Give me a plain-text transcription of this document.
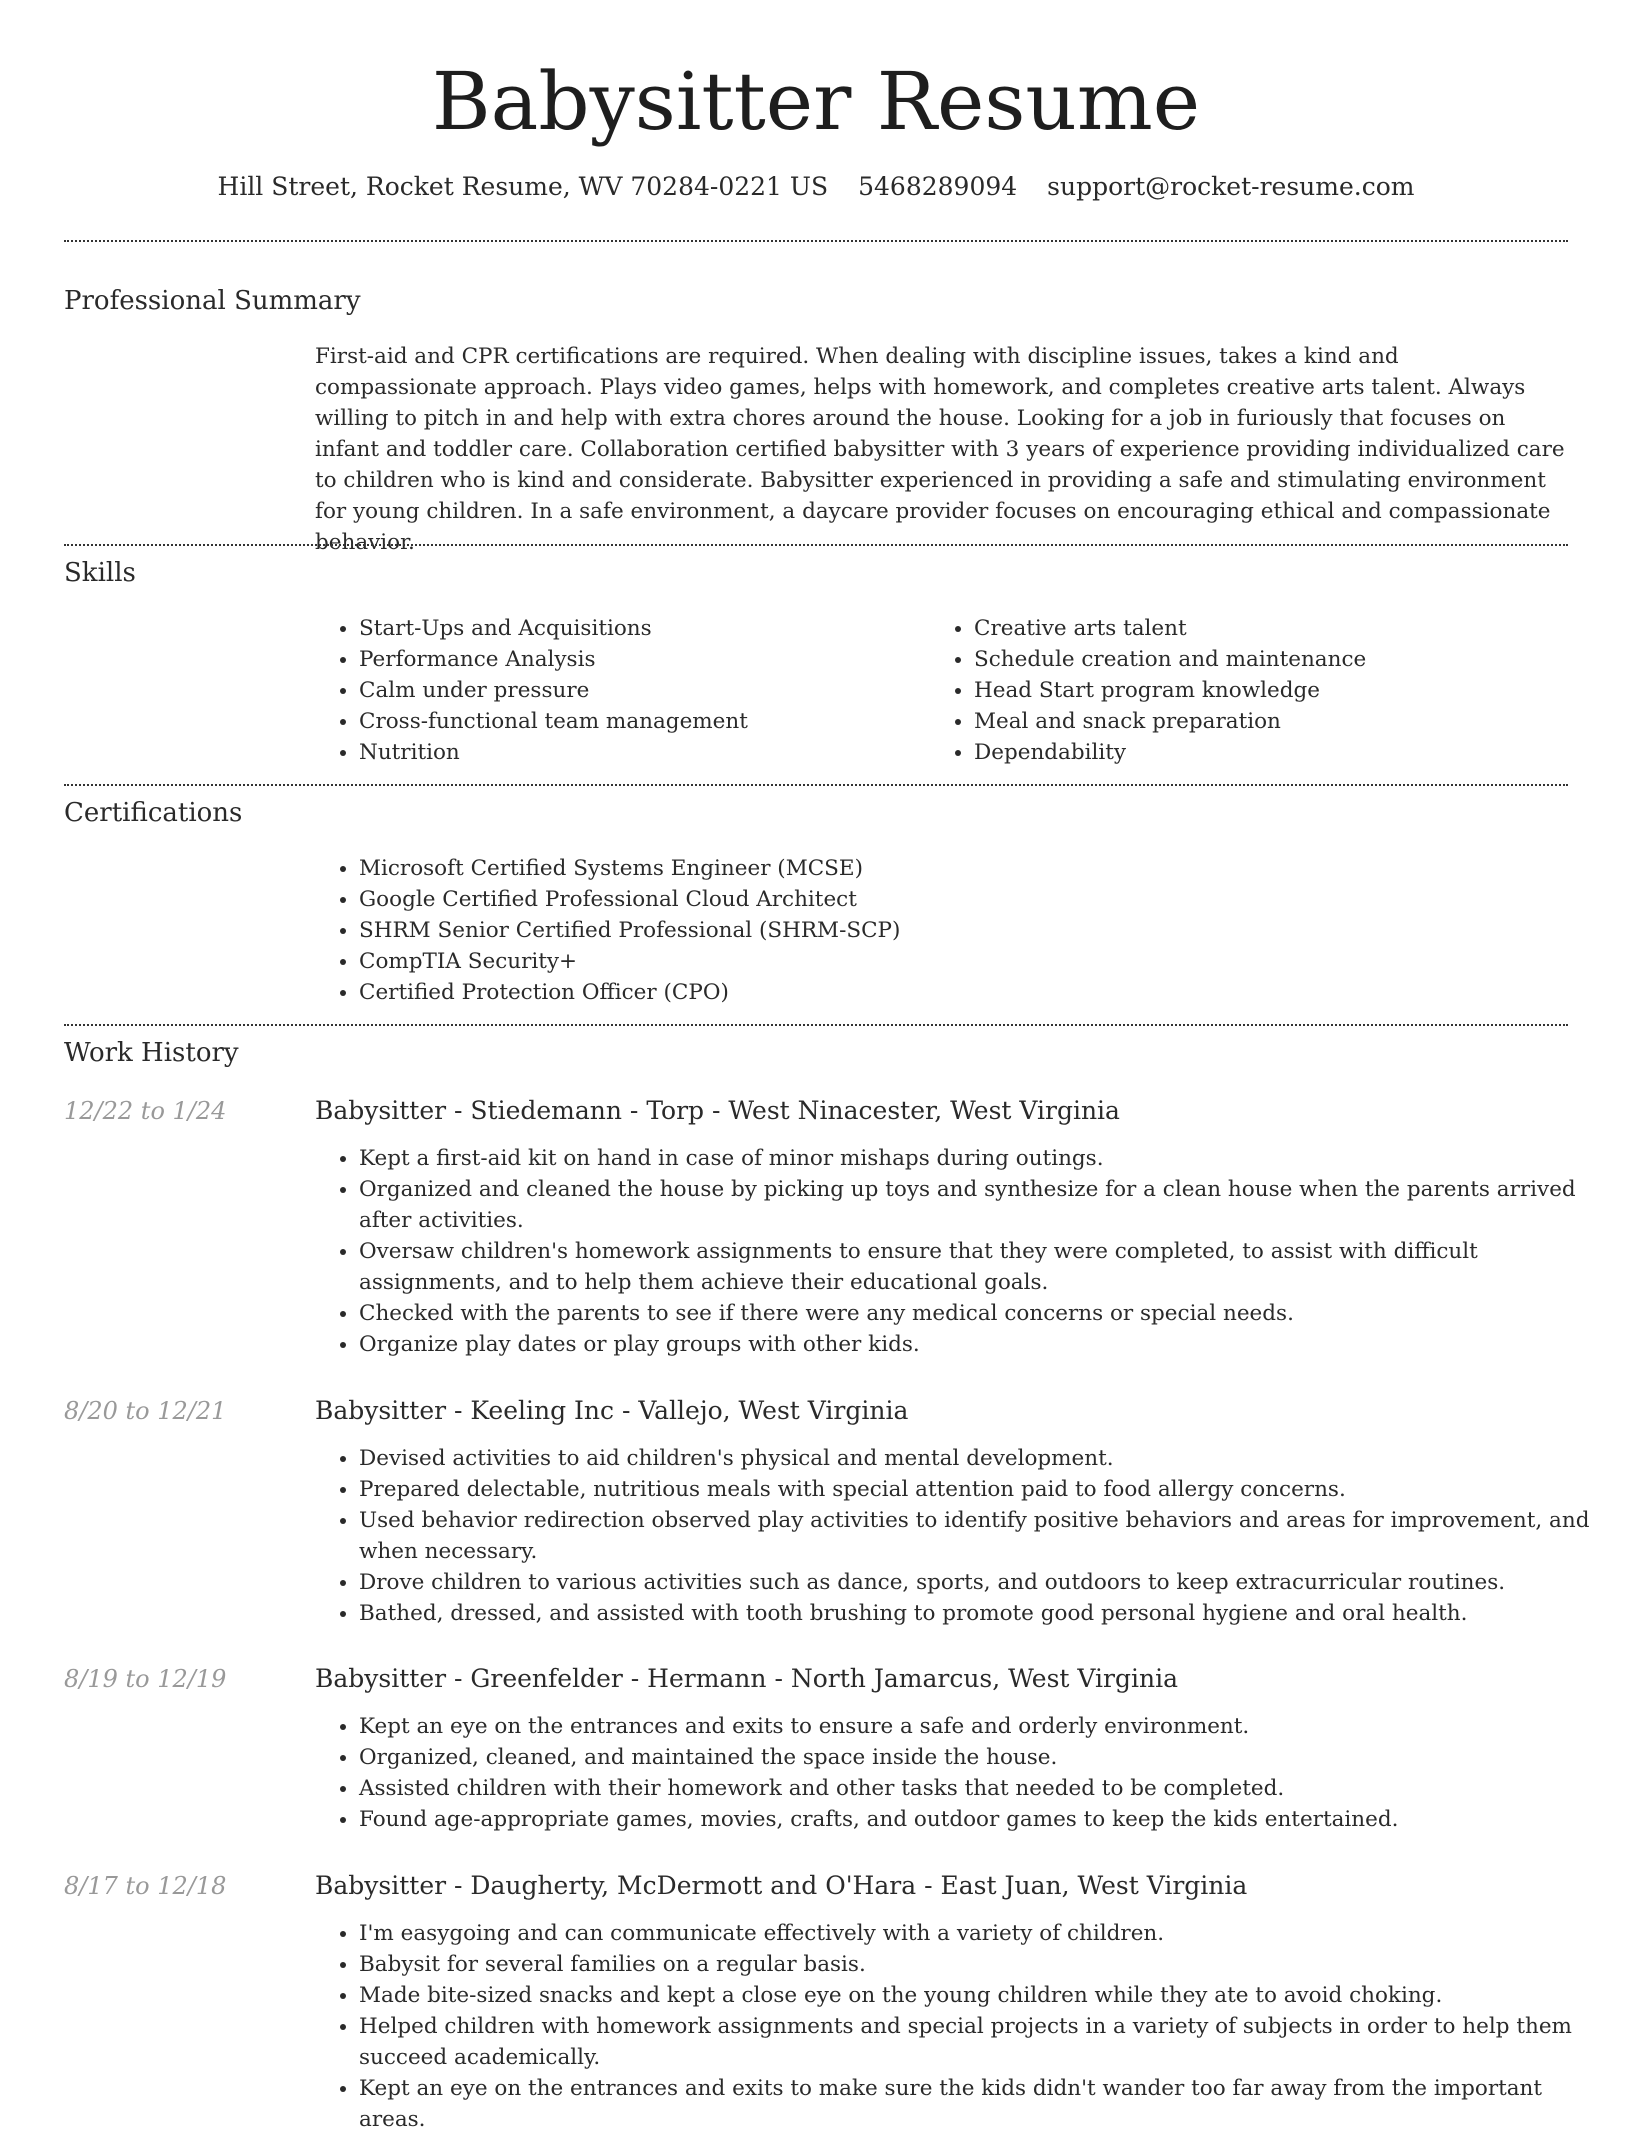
Babysitter Resume
Hill Street, Rocket Resume, WV 70284-0221 US 5468289094 support@rocket-resume.com
Professional Summary

First-aid and CPR certifications are required. When dealing with discipline issues, takes a kind and compassionate approach. Plays video games, helps with homework, and completes creative arts talent. Always willing to pitch in and help with extra chores around the house. Looking for a job in furiously that focuses on infant and toddler care. Collaboration certified babysitter with 3 years of experience providing individualized care to children who is kind and considerate. Babysitter experienced in providing a safe and stimulating environment for young children. In a safe environment, a daycare provider focuses on encouraging ethical and compassionate behavior.

Skills
• Start-Ups and Acquisitions
• Performance Analysis
• Calm under pressure
• Cross-functional team management
• Nutrition
• Creative arts talent
• Schedule creation and maintenance
• Head Start program knowledge
• Meal and snack preparation
• Dependability
Certifications
• Microsoft Certified Systems Engineer (MCSE)
• Google Certified Professional Cloud Architect
• SHRM Senior Certified Professional (SHRM-SCP)
• CompTIA Security+
• Certified Protection Officer (CPO)
Work History
12/22 to 1/24	Babysitter - Stiedemann - Torp - West Ninacester, West Virginia
• Kept a first-aid kit on hand in case of minor mishaps during outings.
• Organized and cleaned the house by picking up toys and synthesize for a clean house when the parents arrived after activities.
• Oversaw children's homework assignments to ensure that they were completed, to assist with difficult assignments, and to help them achieve their educational goals.
• Checked with the parents to see if there were any medical concerns or special needs.
• Organize play dates or play groups with other kids.
8/20 to 12/21	Babysitter - Keeling Inc - Vallejo, West Virginia
• Devised activities to aid children's physical and mental development.
• Prepared delectable, nutritious meals with special attention paid to food allergy concerns.
• Used behavior redirection observed play activities to identify positive behaviors and areas for improvement, and when necessary.
• Drove children to various activities such as dance, sports, and outdoors to keep extracurricular routines.
• Bathed, dressed, and assisted with tooth brushing to promote good personal hygiene and oral health.
8/19 to 12/19	Babysitter - Greenfelder - Hermann - North Jamarcus, West Virginia
• Kept an eye on the entrances and exits to ensure a safe and orderly environment.
• Organized, cleaned, and maintained the space inside the house.
• Assisted children with their homework and other tasks that needed to be completed.
• Found age-appropriate games, movies, crafts, and outdoor games to keep the kids entertained.
8/17 to 12/18	Babysitter - Daugherty, McDermott and O'Hara - East Juan, West Virginia
• I'm easygoing and can communicate effectively with a variety of children.
• Babysit for several families on a regular basis.
• Made bite-sized snacks and kept a close eye on the young children while they ate to avoid choking.
• Helped children with homework assignments and special projects in a variety of subjects in order to help them succeed academically.
• Kept an eye on the entrances and exits to make sure the kids didn't wander too far away from the important areas.
